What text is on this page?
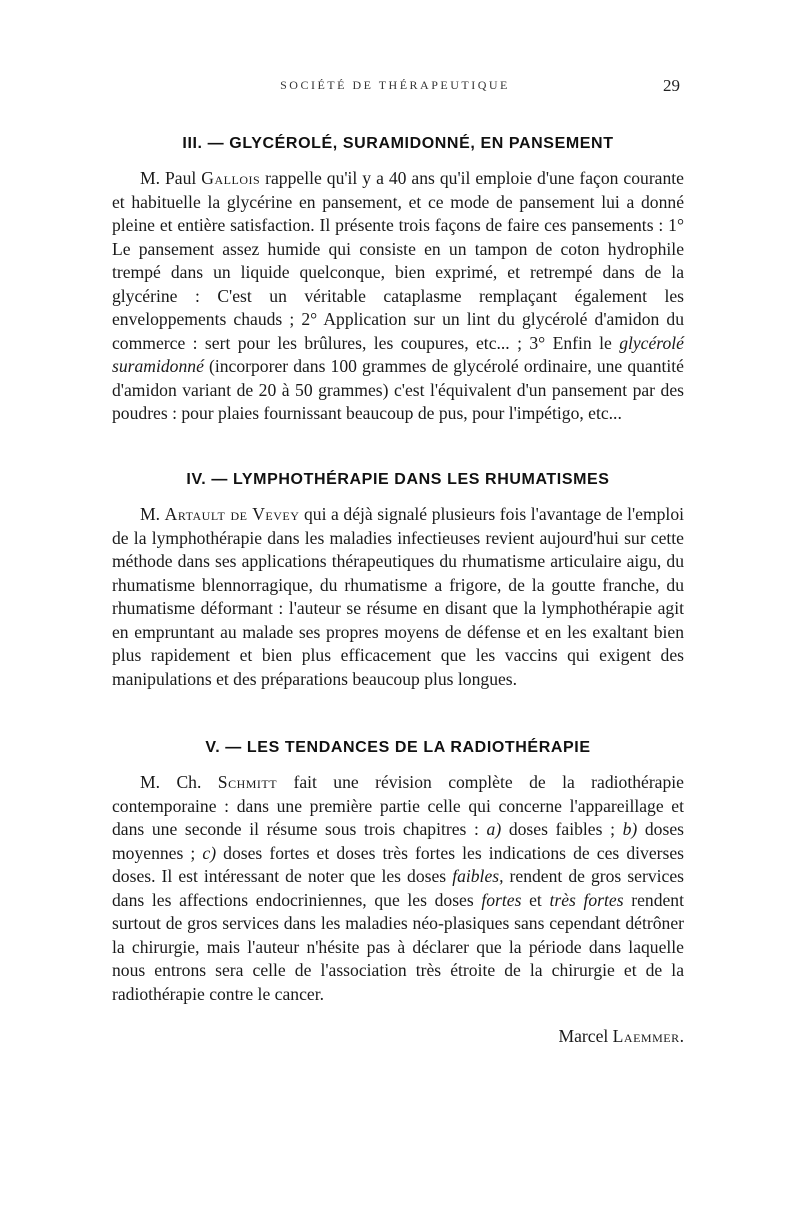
SOCIÉTÉ DE THÉRAPEUTIQUE	29
III. — GLYCÉROLÉ, SURAMIDONNÉ, EN PANSEMENT

M. Paul Gallois rappelle qu'il y a 40 ans qu'il emploie d'une façon courante et habituelle la glycérine en pansement, et ce mode de pansement lui a donné pleine et entière satisfaction. Il présente trois façons de faire ces pansements : 1° Le pansement assez humide qui consiste en un tampon de coton hydrophile trempé dans un liquide quelconque, bien exprimé, et retrempé dans de la glycérine : C'est un véritable cataplasme remplaçant également les enveloppements chauds ; 2° Application sur un lint du glycérolé d'amidon du commerce : sert pour les brûlures, les coupures, etc... ; 3° Enfin le glycérolé suramidonné (incorporer dans 100 grammes de glycérolé ordinaire, une quantité d'amidon variant de 20 à 50 grammes) c'est l'équivalent d'un pansement par des poudres : pour plaies fournissant beaucoup de pus, pour l'impétigo, etc...

IV. — LYMPHOTHÉRAPIE DANS LES RHUMATISMES

M. Artault de Vevey qui a déjà signalé plusieurs fois l'avantage de l'emploi de la lymphothérapie dans les maladies infectieuses revient aujourd'hui sur cette méthode dans ses applications thérapeutiques du rhumatisme articulaire aigu, du rhumatisme blennorragique, du rhumatisme a frigore, de la goutte franche, du rhumatisme déformant : l'auteur se résume en disant que la lymphothérapie agit en empruntant au malade ses propres moyens de défense et en les exaltant bien plus rapidement et bien plus efficacement que les vaccins qui exigent des manipulations et des préparations beaucoup plus longues.

V. — LES TENDANCES DE LA RADIOTHÉRAPIE

M. Ch. Schmitt fait une révision complète de la radiothérapie contemporaine : dans une première partie celle qui concerne l'appareillage et dans une seconde il résume sous trois chapitres : a) doses faibles ; b) doses moyennes ; c) doses fortes et doses très fortes les indications de ces diverses doses. Il est intéressant de noter que les doses faibles, rendent de gros services dans les affections endocriniennes, que les doses fortes et très fortes rendent surtout de gros services dans les maladies néo-plasiques sans cependant détrôner la chirurgie, mais l'auteur n'hésite pas à déclarer que la période dans laquelle nous entrons sera celle de l'association très étroite de la chirurgie et de la radiothérapie contre le cancer.

Marcel Laemmer.
